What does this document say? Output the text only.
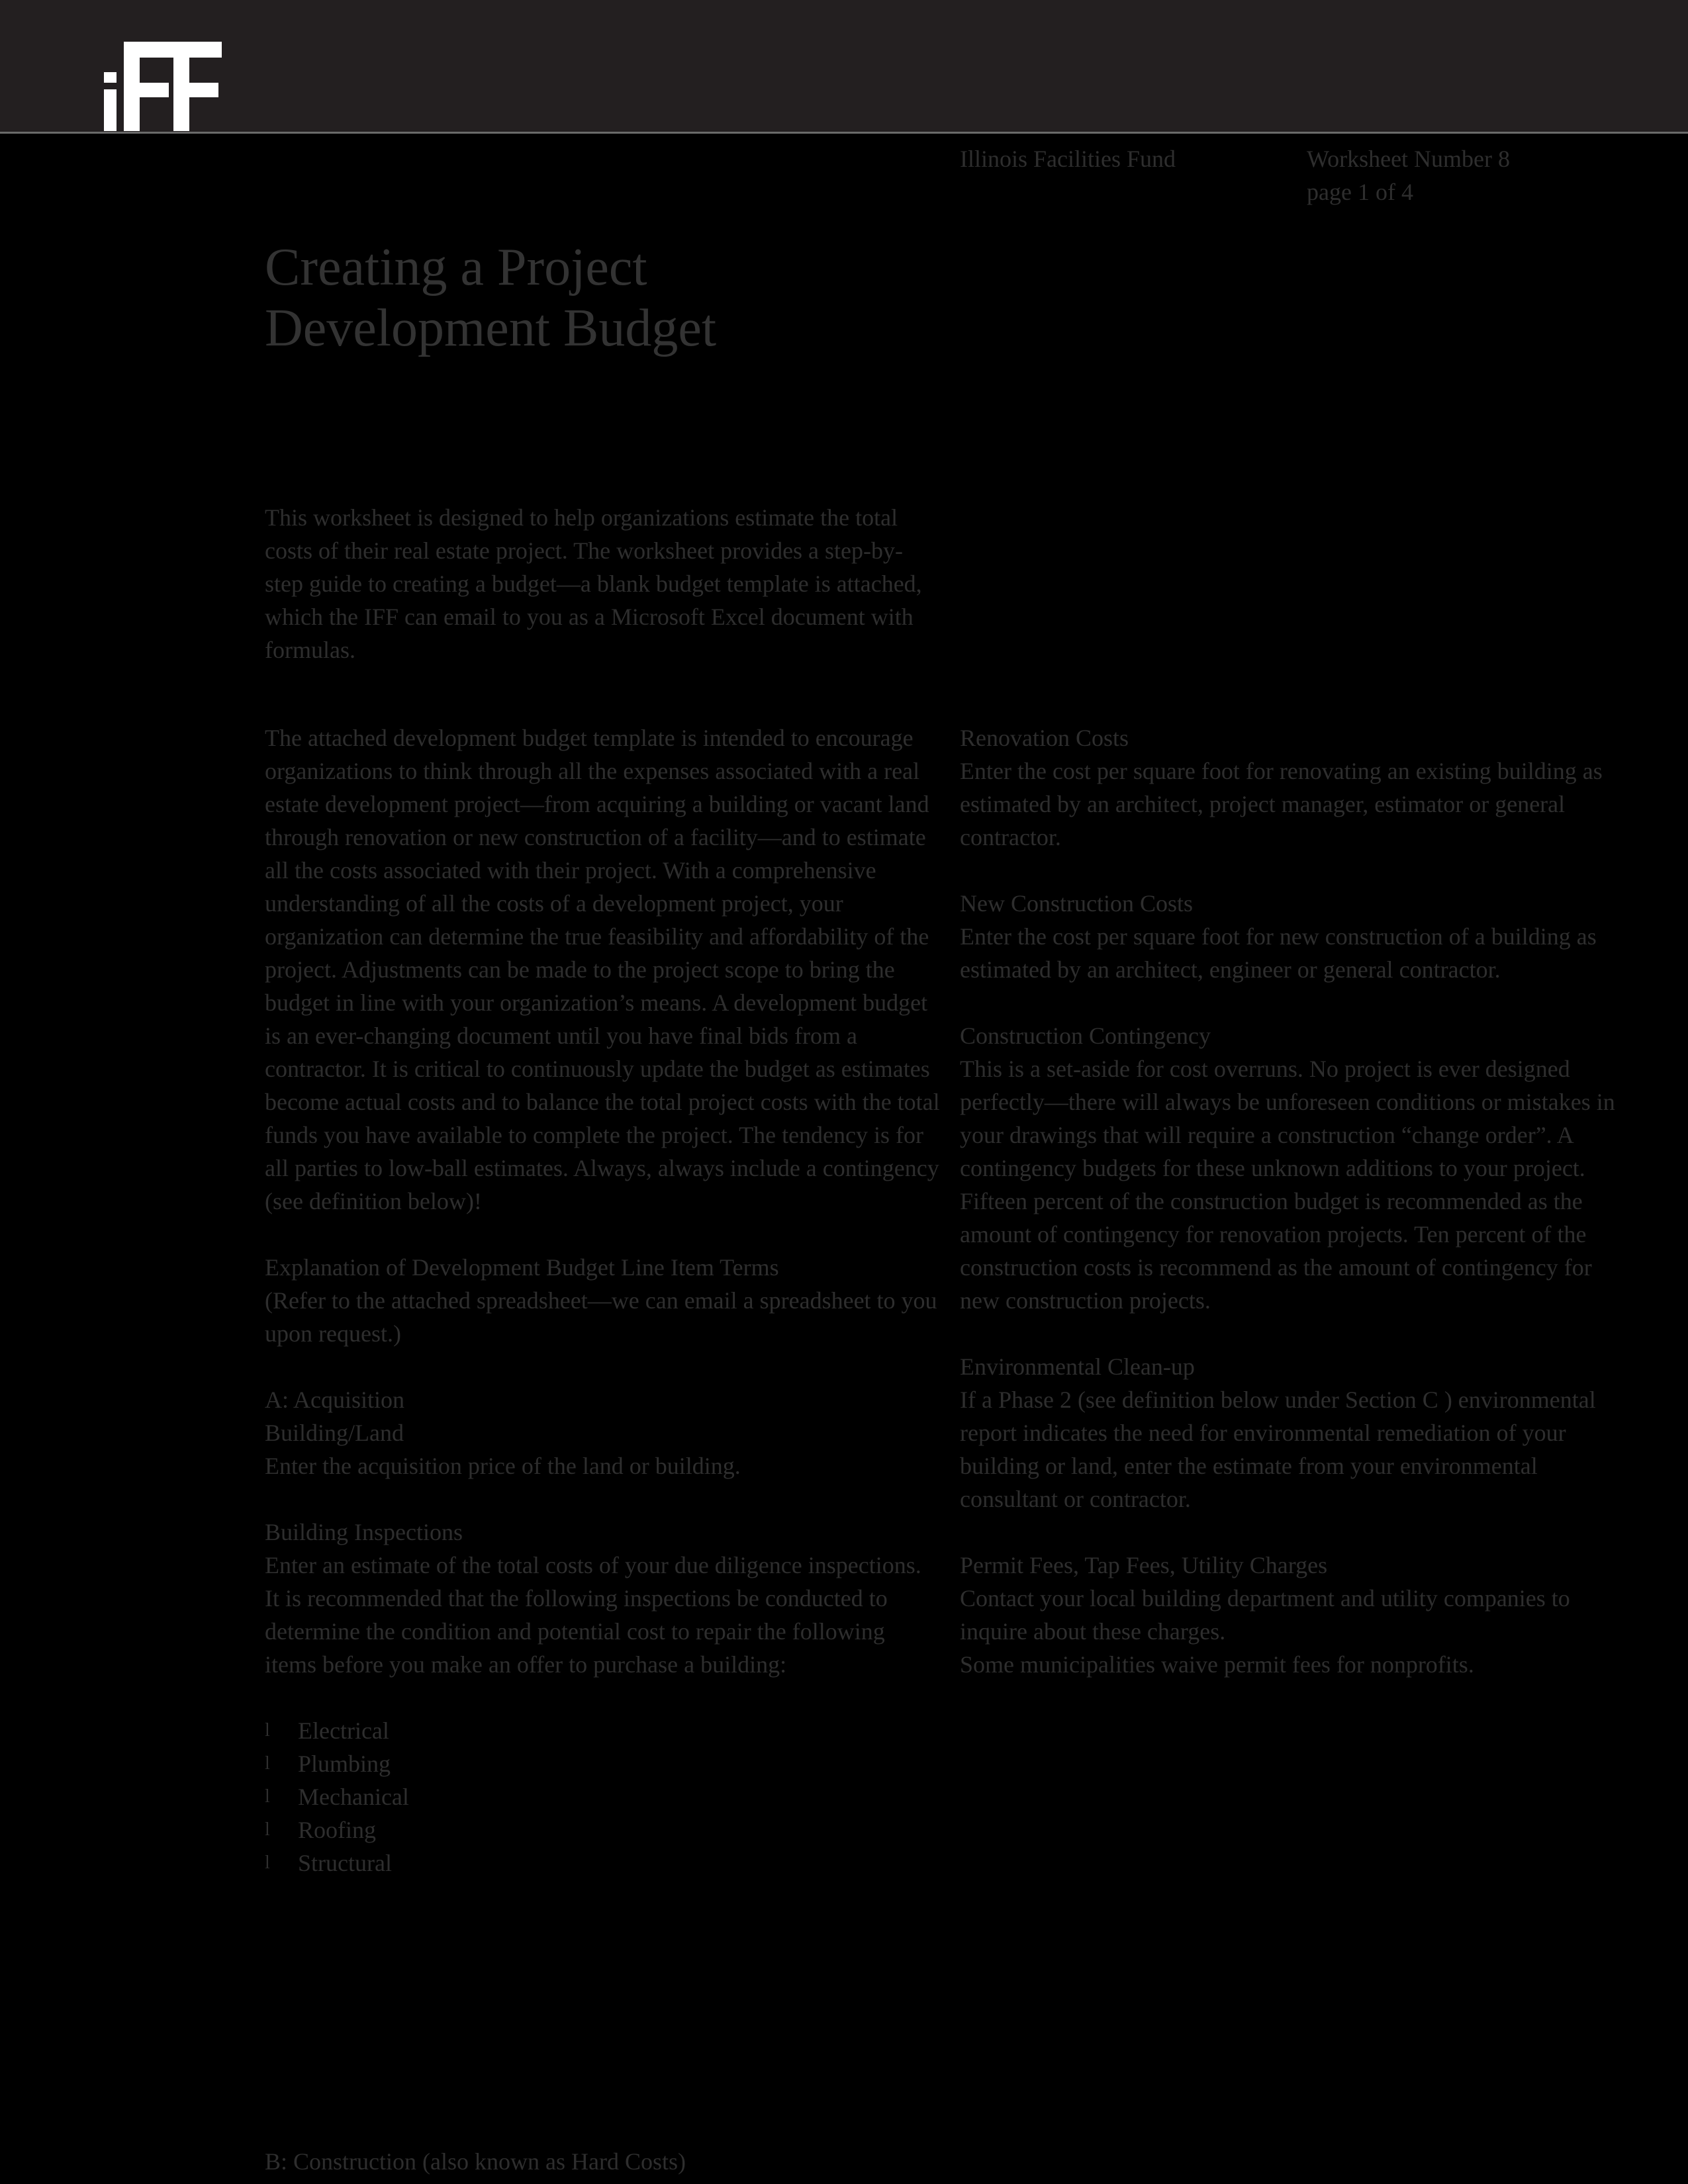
Illinois Facilities Fund	Worksheet Number 8
page 1 of 4
Creating a Project
Development Budget

This worksheet is designed to help organizations estimate the total costs of their real estate project. The worksheet provides a step-by-step guide to creating a budget—a blank budget template is attached, which the IFF can email to you as a Microsoft Excel document with formulas.

The attached development budget template is intended to encourage organizations to think through all the expenses associated with a real estate development project—from acquiring a building or vacant land through renovation or new construction of a facility—and to estimate all the costs associated with their project. With a comprehensive understanding of all the costs of a development project, your organization can determine the true feasibility and affordability of the project. Adjustments can be made to the project scope to bring the budget in line with your organization’s means. A development budget is an ever-changing document until you have final bids from a contractor. It is critical to continuously update the budget as estimates become actual costs and to balance the total project costs with the total funds you have available to complete the project. The tendency is for all parties to low-ball estimates. Always, always include a contingency (see definition below)!

Explanation of Development Budget Line Item Terms
(Refer to the attached spreadsheet—we can email a spreadsheet to you upon request.)
A: Acquisition
Building/Land
Enter the acquisition price of the land or building.
Building Inspections
Enter an estimate of the total costs of your due diligence inspections. It is recommended that the following inspections be conducted to determine the condition and potential cost to repair the following items before you make an offer to purchase a building:
l Electrical
l Plumbing
l Mechanical
l Roofing
l Structural
Renovation Costs
Enter the cost per square foot for renovating an existing building as estimated by an architect, project manager, estimator or general contractor.
New Construction Costs
Enter the cost per square foot for new construction of a building as estimated by an architect, engineer or general contractor.
Construction Contingency
This is a set-aside for cost overruns. No project is ever designed perfectly—there will always be unforeseen conditions or mistakes in your drawings that will require a construction “change order”. A contingency budgets for these unknown additions to your project. Fifteen percent of the construction budget is recommended as the amount of contingency for renovation projects. Ten percent of the construction costs is recommend as the amount of contingency for new construction projects.
Environmental Clean-up
If a Phase 2 (see definition below under Section C ) environmental report indicates the need for environmental remediation of your building or land, enter the estimate from your environmental consultant or contractor.
Permit Fees, Tap Fees, Utility Charges
Contact your local building department and utility companies to inquire about these charges.
Some municipalities waive permit fees for nonprofits.
B: Construction (also known as Hard Costs)
